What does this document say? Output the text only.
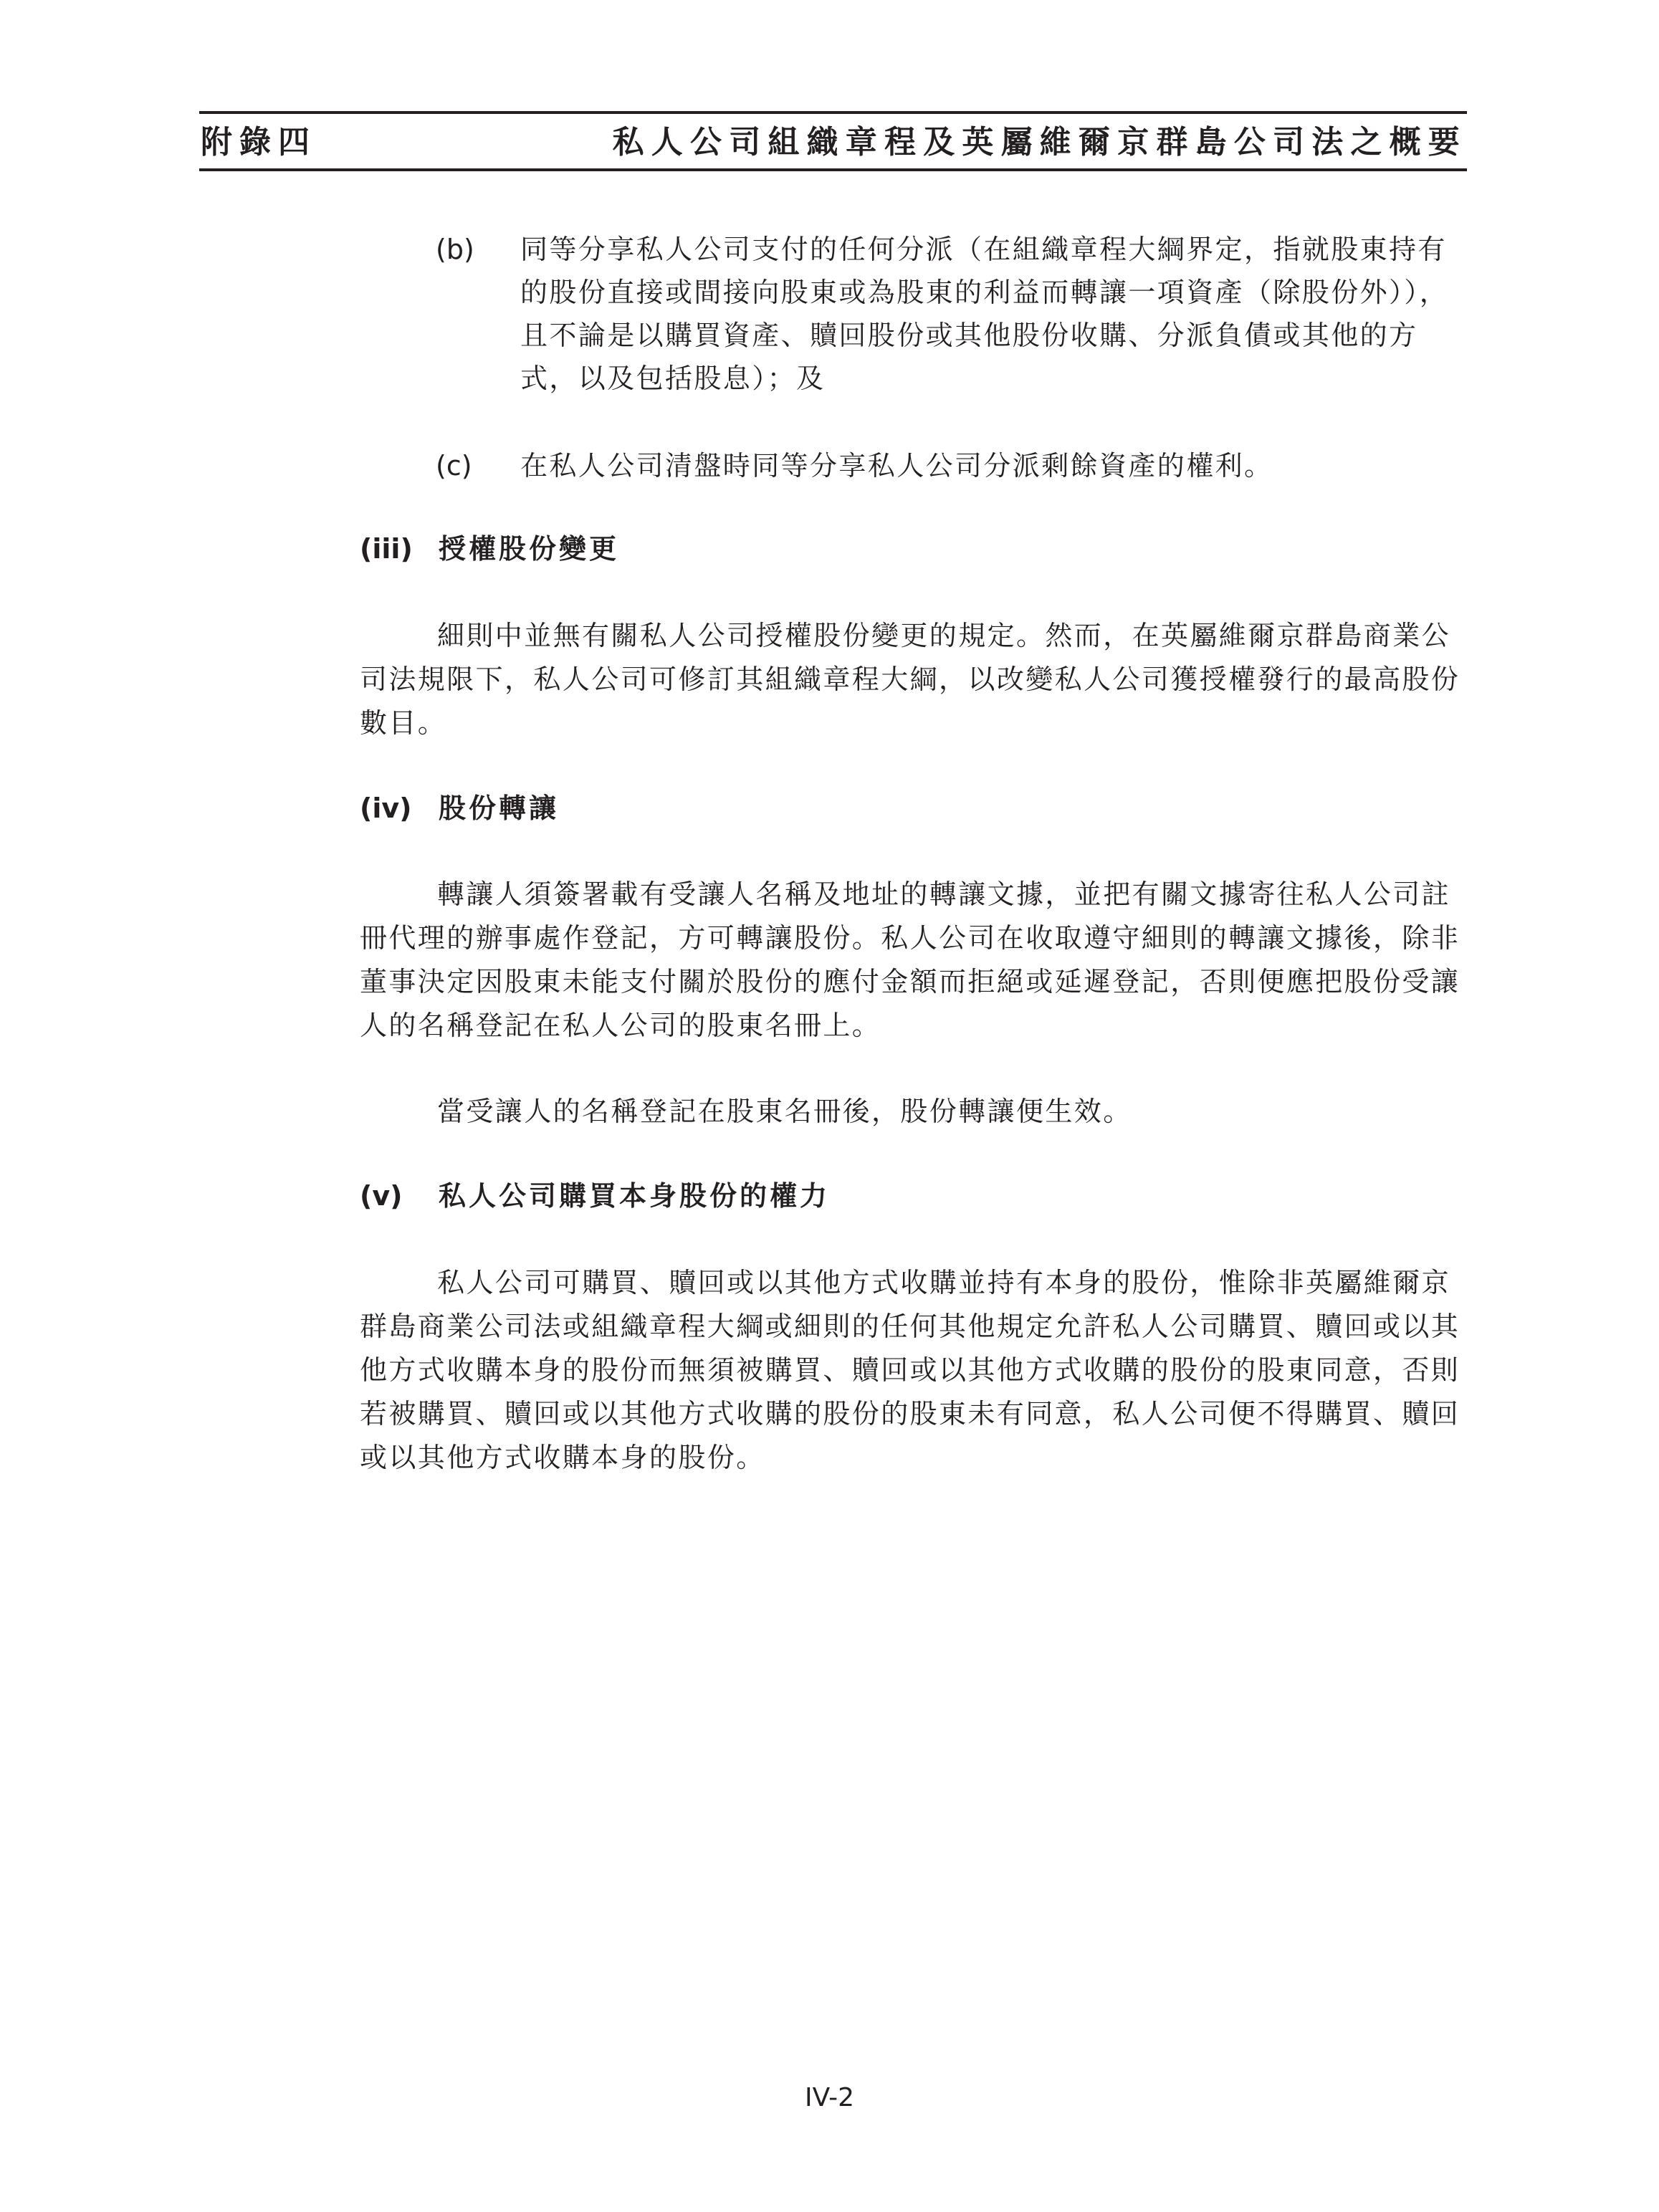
附錄四	私人公司組織章程及英屬維爾京群島公司法之概要
(b) 同等分享私人公司支付的任何分派（在組織章程大綱界定，指就股東持有的股份直接或間接向股東或為股東的利益而轉讓一項資產（除股份外）），且不論是以購買資產、贖回股份或其他股份收購、分派負債或其他的方式，以及包括股息）；及
(c) 在私人公司清盤時同等分享私人公司分派剩餘資產的權利。
(iii) 授權股份變更
細則中並無有關私人公司授權股份變更的規定。然而，在英屬維爾京群島商業公司法規限下，私人公司可修訂其組織章程大綱，以改變私人公司獲授權發行的最高股份數目。
(iv) 股份轉讓
轉讓人須簽署載有受讓人名稱及地址的轉讓文據，並把有關文據寄往私人公司註冊代理的辦事處作登記，方可轉讓股份。私人公司在收取遵守細則的轉讓文據後，除非董事決定因股東未能支付關於股份的應付金額而拒絕或延遲登記，否則便應把股份受讓人的名稱登記在私人公司的股東名冊上。
當受讓人的名稱登記在股東名冊後，股份轉讓便生效。
(v) 私人公司購買本身股份的權力
私人公司可購買、贖回或以其他方式收購並持有本身的股份，惟除非英屬維爾京群島商業公司法或組織章程大綱或細則的任何其他規定允許私人公司購買、贖回或以其他方式收購本身的股份而無須被購買、贖回或以其他方式收購的股份的股東同意，否則若被購買、贖回或以其他方式收購的股份的股東未有同意，私人公司便不得購買、贖回或以其他方式收購本身的股份。
IV-2
